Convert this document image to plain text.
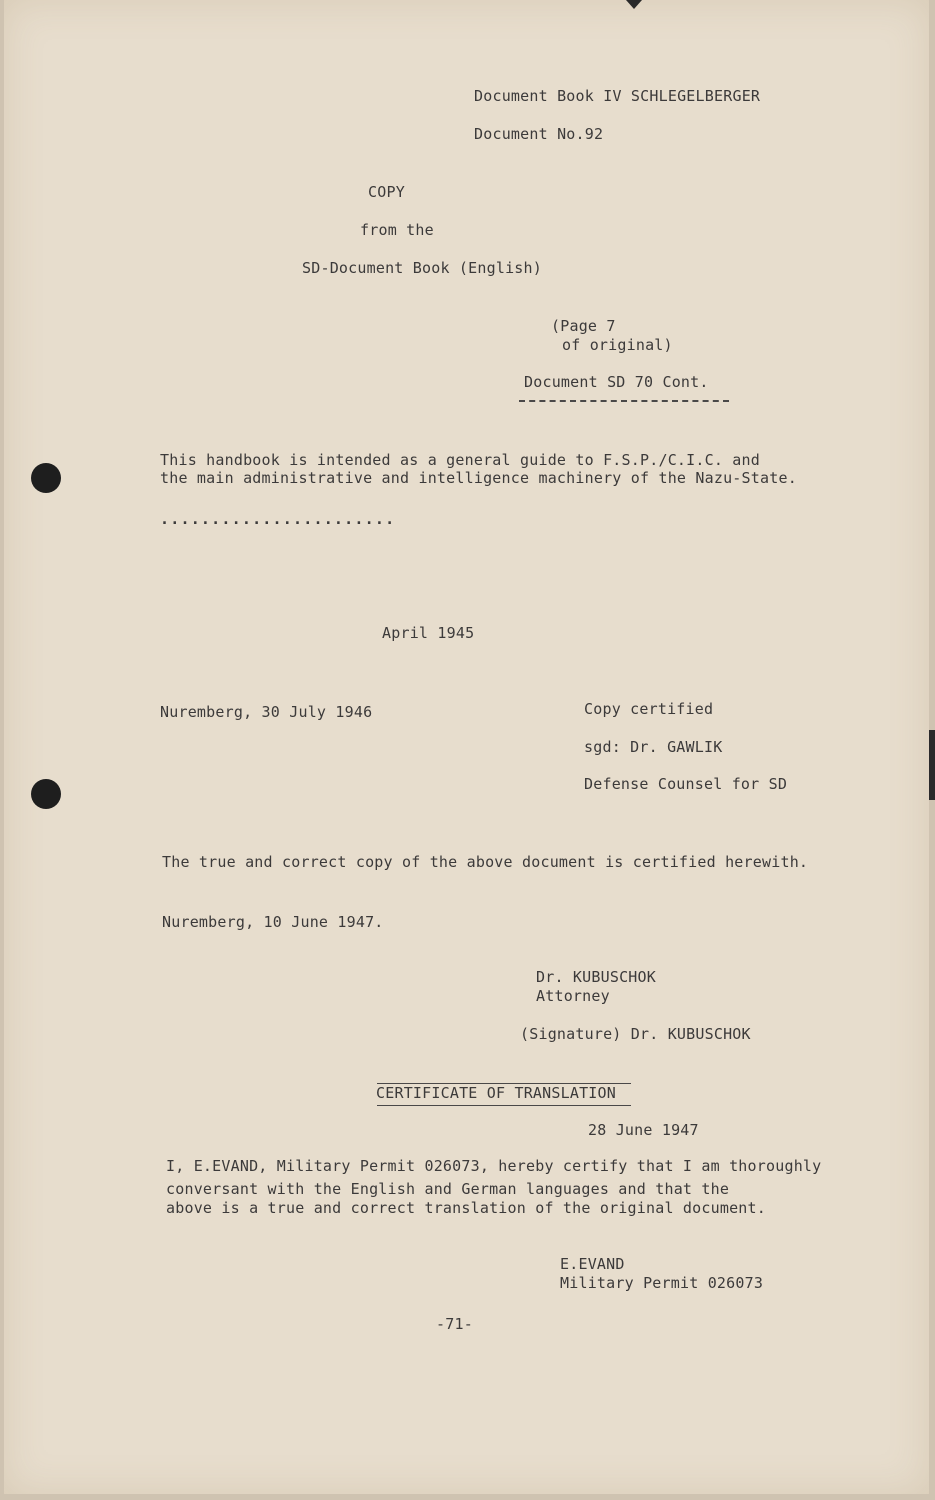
Document Book IV SCHLEGELBERGER

Document No.92

COPY

from the

SD-Document Book (English)

(Page 7

of original)

Document SD 70 Cont.

This handbook is intended as a general guide to F.S.P./C.I.C. and

the main administrative and intelligence machinery of the Nazu-State.

.......................

April 1945

Nuremberg, 30 July 1946	Copy certified

sgd: Dr. GAWLIK

Defense Counsel for SD

The true and correct copy of the above document is certified herewith.

Nuremberg, 10 June 1947.

Dr. KUBUSCHOK

Attorney

(Signature) Dr. KUBUSCHOK

CERTIFICATE OF TRANSLATION

28 June 1947

I, E.EVAND, Military Permit 026073, hereby certify that I am thoroughly

conversant with the English and German languages and that the

above is a true and correct translation of the original document.

E.EVAND

Military Permit 026073

-71-
